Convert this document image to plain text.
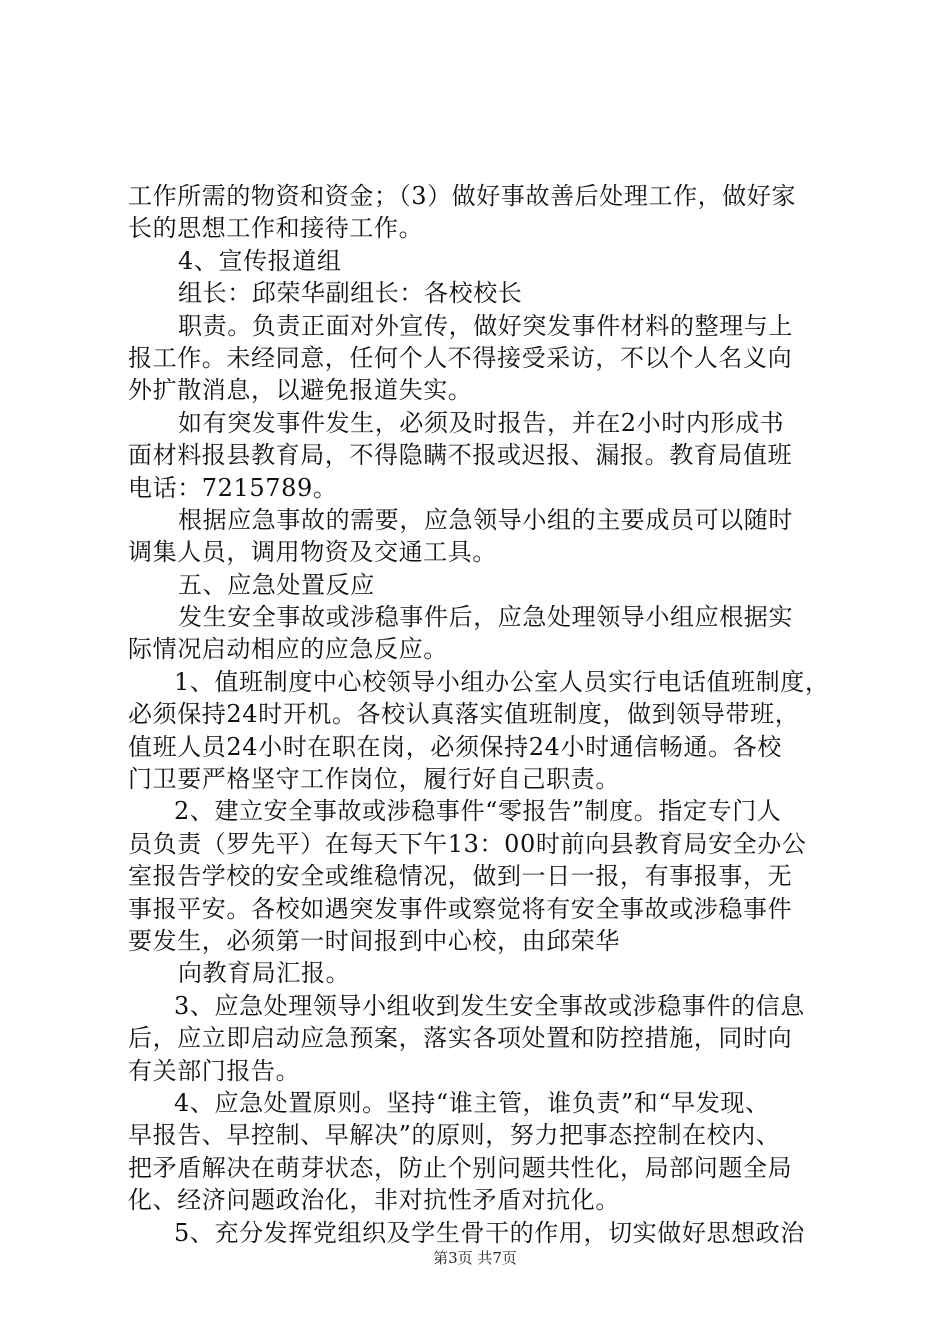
工作所需的物资和资金；（3）做好事故善后处理工作，做好家
长的思想工作和接待工作。
4、宣传报道组
组长：邱荣华副组长：各校校长
职责。负责正面对外宣传，做好突发事件材料的整理与上
报工作。未经同意，任何个人不得接受采访，不以个人名义向
外扩散消息，以避免报道失实。
如有突发事件发生，必须及时报告，并在2小时内形成书
面材料报县教育局，不得隐瞒不报或迟报、漏报。教育局值班
电话：7215789。
根据应急事故的需要，应急领导小组的主要成员可以随时
调集人员，调用物资及交通工具。
五、应急处置反应
发生安全事故或涉稳事件后，应急处理领导小组应根据实
际情况启动相应的应急反应。
1、值班制度中心校领导小组办公室人员实行电话值班制度，
必须保持24时开机。各校认真落实值班制度，做到领导带班，
值班人员24小时在职在岗，必须保持24小时通信畅通。各校
门卫要严格坚守工作岗位，履行好自己职责。
2、建立安全事故或涉稳事件“零报告”制度。指定专门人
员负责（罗先平）在每天下午13：00时前向县教育局安全办公
室报告学校的安全或维稳情况，做到一日一报，有事报事，无
事报平安。各校如遇突发事件或察觉将有安全事故或涉稳事件
要发生，必须第一时间报到中心校，由邱荣华
向教育局汇报。
3、应急处理领导小组收到发生安全事故或涉稳事件的信息
后，应立即启动应急预案，落实各项处置和防控措施，同时向
有关部门报告。
4、应急处置原则。坚持“谁主管，谁负责”和“早发现、
早报告、早控制、早解决”的原则，努力把事态控制在校内、
把矛盾解决在萌芽状态，防止个别问题共性化，局部问题全局
化、经济问题政治化，非对抗性矛盾对抗化。
5、充分发挥党组织及学生骨干的作用，切实做好思想政治
第3页 共7页
